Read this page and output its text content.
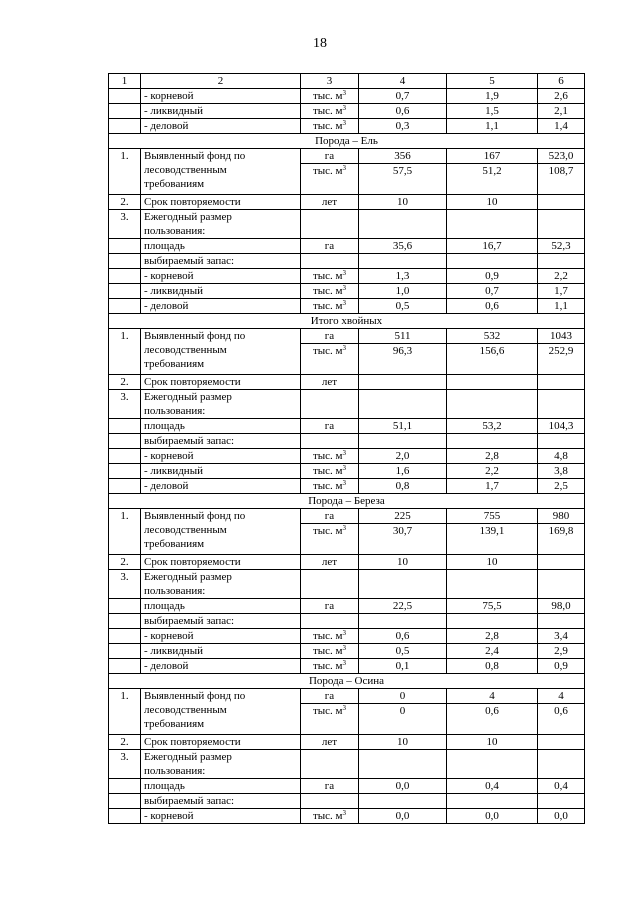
18
1	2	3	4	5	6
	- корневой	тыс. $м^3$	0,7	1,9	2,6
	- ликвидный	тыс. $м^3$	0,6	1,5	2,1
	- деловой	тыс. $м^3$	0,3	1,1	1,4
Порода – Ель					
1.	Выявленный фонд по
лесоводственным
требованиям	га	356	167	523,0
		тыс. $м^3$	57,5	51,2	108,7
2.	Срок повторяемости	лет	10	10	
3.	Ежегодный размер
пользования:				
	площадь	га	35,6	16,7	52,3
	выбираемый запас:				
	- корневой	тыс. $м^3$	1,3	0,9	2,2
	- ликвидный	тыс. $м^3$	1,0	0,7	1,7
	- деловой	тыс. $м^3$	0,5	0,6	1,1
Итого хвойных					
1.	Выявленный фонд по
лесоводственным
требованиям	га	511	532	1043
		тыс. $м^3$	96,3	156,6	252,9
2.	Срок повторяемости	лет			
3.	Ежегодный размер
пользования:				
	площадь	га	51,1	53,2	104,3
	выбираемый запас:				
	- корневой	тыс. $м^3$	2,0	2,8	4,8
	- ликвидный	тыс. $м^3$	1,6	2,2	3,8
	- деловой	тыс. $м^3$	0,8	1,7	2,5
Порода – Береза					
1.	Выявленный фонд по
лесоводственным
требованиям	га	225	755	980
		тыс. $м^3$	30,7	139,1	169,8
2.	Срок повторяемости	лет	10	10	
3.	Ежегодный размер
пользования:				
	площадь	га	22,5	75,5	98,0
	выбираемый запас:				
	- корневой	тыс. $м^3$	0,6	2,8	3,4
	- ликвидный	тыс. $м^3$	0,5	2,4	2,9
	- деловой	тыс. $м^3$	0,1	0,8	0,9
Порода – Осина					
1.	Выявленный фонд по
лесоводственным
требованиям	га	0	4	4
		тыс. $м^3$	0	0,6	0,6
2.	Срок повторяемости	лет	10	10	
3.	Ежегодный размер
пользования:				
	площадь	га	0,0	0,4	0,4
	выбираемый запас:				
	- корневой	тыс. $м^3$	0,0	0,0	0,0
